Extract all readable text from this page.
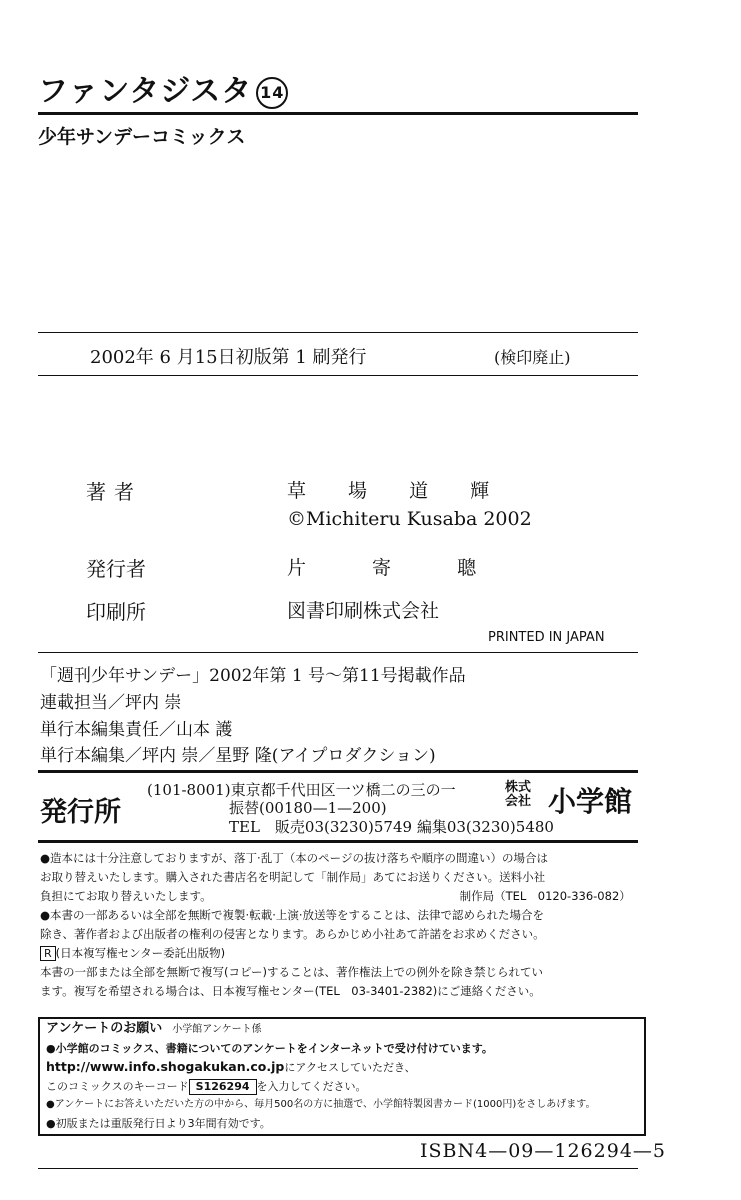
ファンタジスタ 14
少年サンデーコミックス
2002年 6 月15日初版第 1 刷発行	(検印廃止)
著者	草 場 道 輝
©Michiteru Kusaba 2002
発行者	片 寄 聰
印刷所	図書印刷株式会社
PRINTED IN JAPAN
「週刊少年サンデー」2002年第 1 号～第11号掲載作品
連載担当／坪内 崇
単行本編集責任／山本 護
単行本編集／坪内 崇／星野 隆(アイプロダクション)
発行所
(101-8001)東京都千代田区一ツ橋二の三の一
振替(00180—1—200)
TEL　販売03(3230)5749 編集03(3230)5480
株式
会社 小学館
●造本には十分注意しておりますが、落丁·乱丁（本のページの抜け落ちや順序の間違い）の場合は
お取り替えいたします。購入された書店名を明記して「制作局」あてにお送りください。送料小社
負担にてお取り替えいたします。	制作局（TEL　0120-336-082）
●本書の一部あるいは全部を無断で複製·転載·上演·放送等をすることは、法律で認められた場合を
除き、著作者および出版者の権利の侵害となります。あらかじめ小社あて許諾をお求めください。
R (日本複写権センター委託出版物)
本書の一部または全部を無断で複写(コピー)することは、著作権法上での例外を除き禁じられてい
ます。複写を希望される場合は、日本複写権センター(TEL　03-3401-2382)にご連絡ください。
アンケートのお願い 小学館アンケート係
●小学館のコミックス、書籍についてのアンケートをインターネットで受け付けています。
http://www.info.shogakukan.co.jpにアクセスしていただき、
このコミックスのキーコード S126294 を入力してください。
●アンケートにお答えいただいた方の中から、毎月500名の方に抽選で、小学館特製図書カード(1000円)をさしあげます。
●初版または重版発行日より3年間有効です。
ISBN4—09—126294—5
